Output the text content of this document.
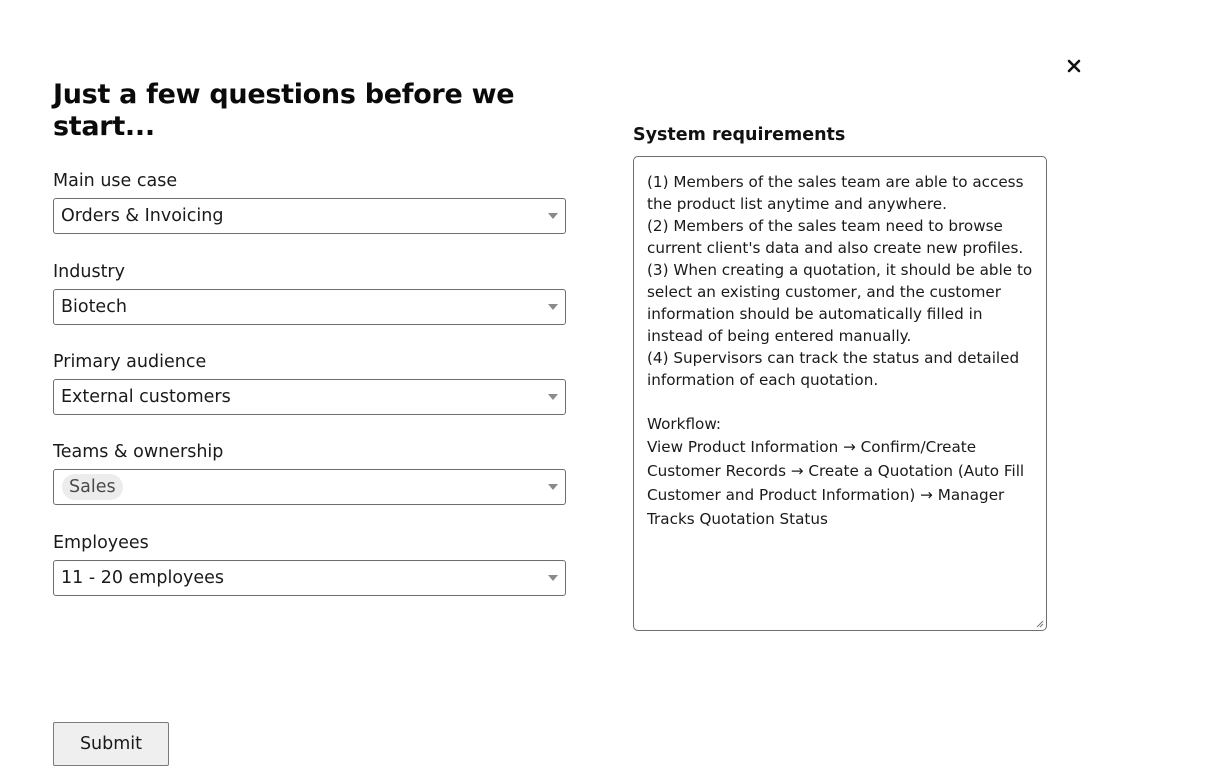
Just a few questions before we start...
Main use case
Orders & Invoicing
Industry
Biotech
Primary audience
External customers
Teams & ownership
Sales
Employees
11 - 20 employees
System requirements

(1) Members of the sales team are able to access the product list anytime and anywhere.

(2) Members of the sales team need to browse current client's data and also create new profiles.

(3) When creating a quotation, it should be able to select an existing customer, and the customer information should be automatically filled in instead of being entered manually.

(4) Supervisors can track the status and detailed information of each quotation.

Workflow:

View Product Information → Confirm/Create Customer Records → Create a Quotation (Auto Fill Customer and Product Information) → Manager Tracks Quotation Status

Submit
